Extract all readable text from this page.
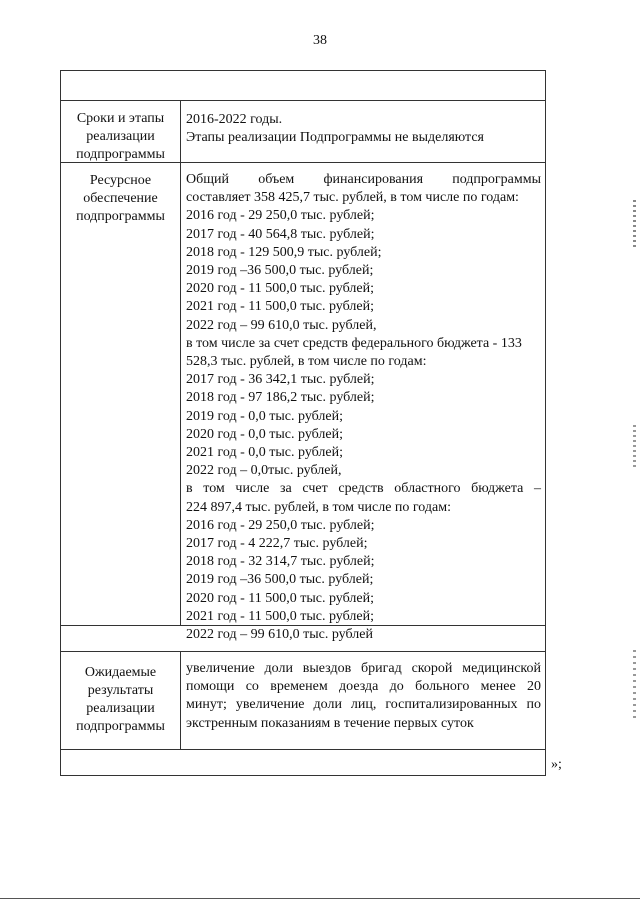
38
Сроки и этапы
реализации
подпрограммы
2016-2022 годы.
Этапы реализации Подпрограммы не выделяются
Ресурсное
обеспечение
подпрограммы
Общий объем финансирования подпрограммы
составляет 358 425,7 тыс. рублей, в том числе по годам:
2016 год - 29 250,0 тыс. рублей;
2017 год - 40 564,8 тыс. рублей;
2018 год - 129 500,9 тыс. рублей;
2019 год –36 500,0 тыс. рублей;
2020 год - 11 500,0 тыс. рублей;
2021 год - 11 500,0 тыс. рублей;
2022 год – 99 610,0 тыс. рублей,
в том числе за счет средств федерального бюджета - 133
528,3 тыс. рублей, в том числе по годам:
2017 год - 36 342,1 тыс. рублей;
2018 год - 97 186,2 тыс. рублей;
2019 год - 0,0 тыс. рублей;
2020 год - 0,0 тыс. рублей;
2021 год - 0,0 тыс. рублей;
2022 год – 0,0тыс. рублей,
в том числе за счет средств областного бюджета –
224 897,4 тыс. рублей, в том числе по годам:
2016 год - 29 250,0 тыс. рублей;
2017 год - 4 222,7 тыс. рублей;
2018 год - 32 314,7 тыс. рублей;
2019 год –36 500,0 тыс. рублей;
2020 год - 11 500,0 тыс. рублей;
2021 год - 11 500,0 тыс. рублей;
2022 год – 99 610,0 тыс. рублей
Ожидаемые
результаты
реализации
подпрограммы
увеличение доли выездов бригад скорой медицинской
помощи со временем доезда до больного менее 20
минут; увеличение доли лиц, госпитализированных по
экстренным показаниям в течение первых суток
»;
